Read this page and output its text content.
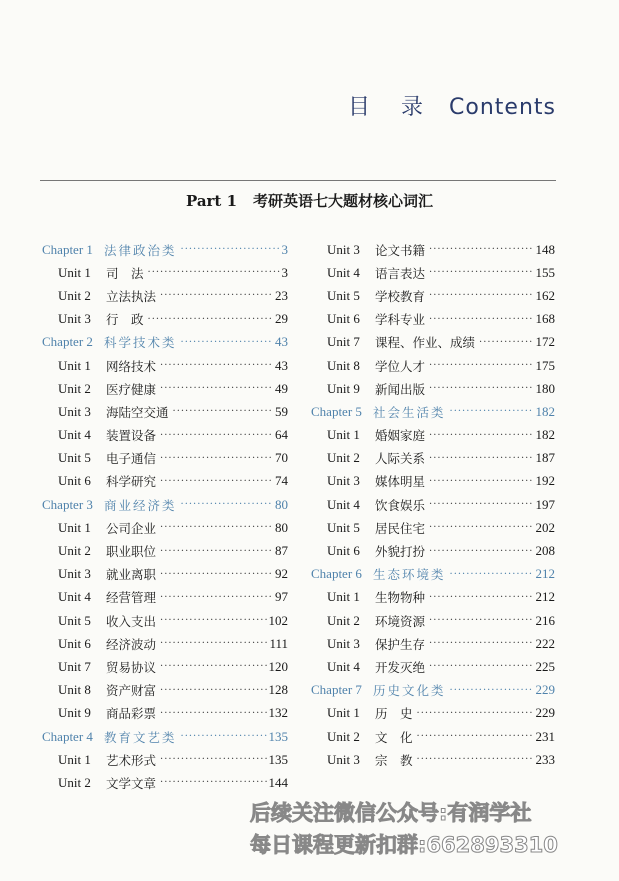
目 录 Contents
Part 1 考研英语七大题材核心词汇
Chapter 1 法律政治类 ·····	3
Unit 1	司　法 ·····	3
Unit 2	立法执法 ·····	23
Unit 3	行　政 ·····	29
Chapter 2 科学技术类 ·····	43
Unit 1	网络技术 ·····	43
Unit 2	医疗健康 ·····	49
Unit 3	海陆空交通 ·····	59
Unit 4	装置设备 ·····	64
Unit 5	电子通信 ·····	70
Unit 6	科学研究 ·····	74
Chapter 3 商业经济类 ·····	80
Unit 1	公司企业 ·····	80
Unit 2	职业职位 ·····	87
Unit 3	就业离职 ·····	92
Unit 4	经营管理 ·····	97
Unit 5	收入支出 ·····	102
Unit 6	经济波动 ·····	111
Unit 7	贸易协议 ·····	120
Unit 8	资产财富 ·····	128
Unit 9	商品彩票 ·····	132
Chapter 4 教育文艺类 ·····	135
Unit 1	艺术形式 ·····	135
Unit 2	文学文章 ·····	144
Unit 3	论文书籍 ·····	148
Unit 4	语言表达 ·····	155
Unit 5	学校教育 ·····	162
Unit 6	学科专业 ·····	168
Unit 7	课程、作业、成绩 ·····	172
Unit 8	学位人才 ·····	175
Unit 9	新闻出版 ·····	180
Chapter 5 社会生活类 ·····	182
Unit 1	婚姻家庭 ·····	182
Unit 2	人际关系 ·····	187
Unit 3	媒体明星 ·····	192
Unit 4	饮食娱乐 ·····	197
Unit 5	居民住宅 ·····	202
Unit 6	外貌打扮 ·····	208
Chapter 6 生态环境类 ·····	212
Unit 1	生物物种 ·····	212
Unit 2	环境资源 ·····	216
Unit 3	保护生存 ·····	222
Unit 4	开发灭绝 ·····	225
Chapter 7 历史文化类 ·····	229
Unit 1	历　史 ·····	229
Unit 2	文　化 ·····	231
Unit 3	宗　教 ·····	233
后续关注微信公众号:有润学社
每日课程更新扣群:662893310
